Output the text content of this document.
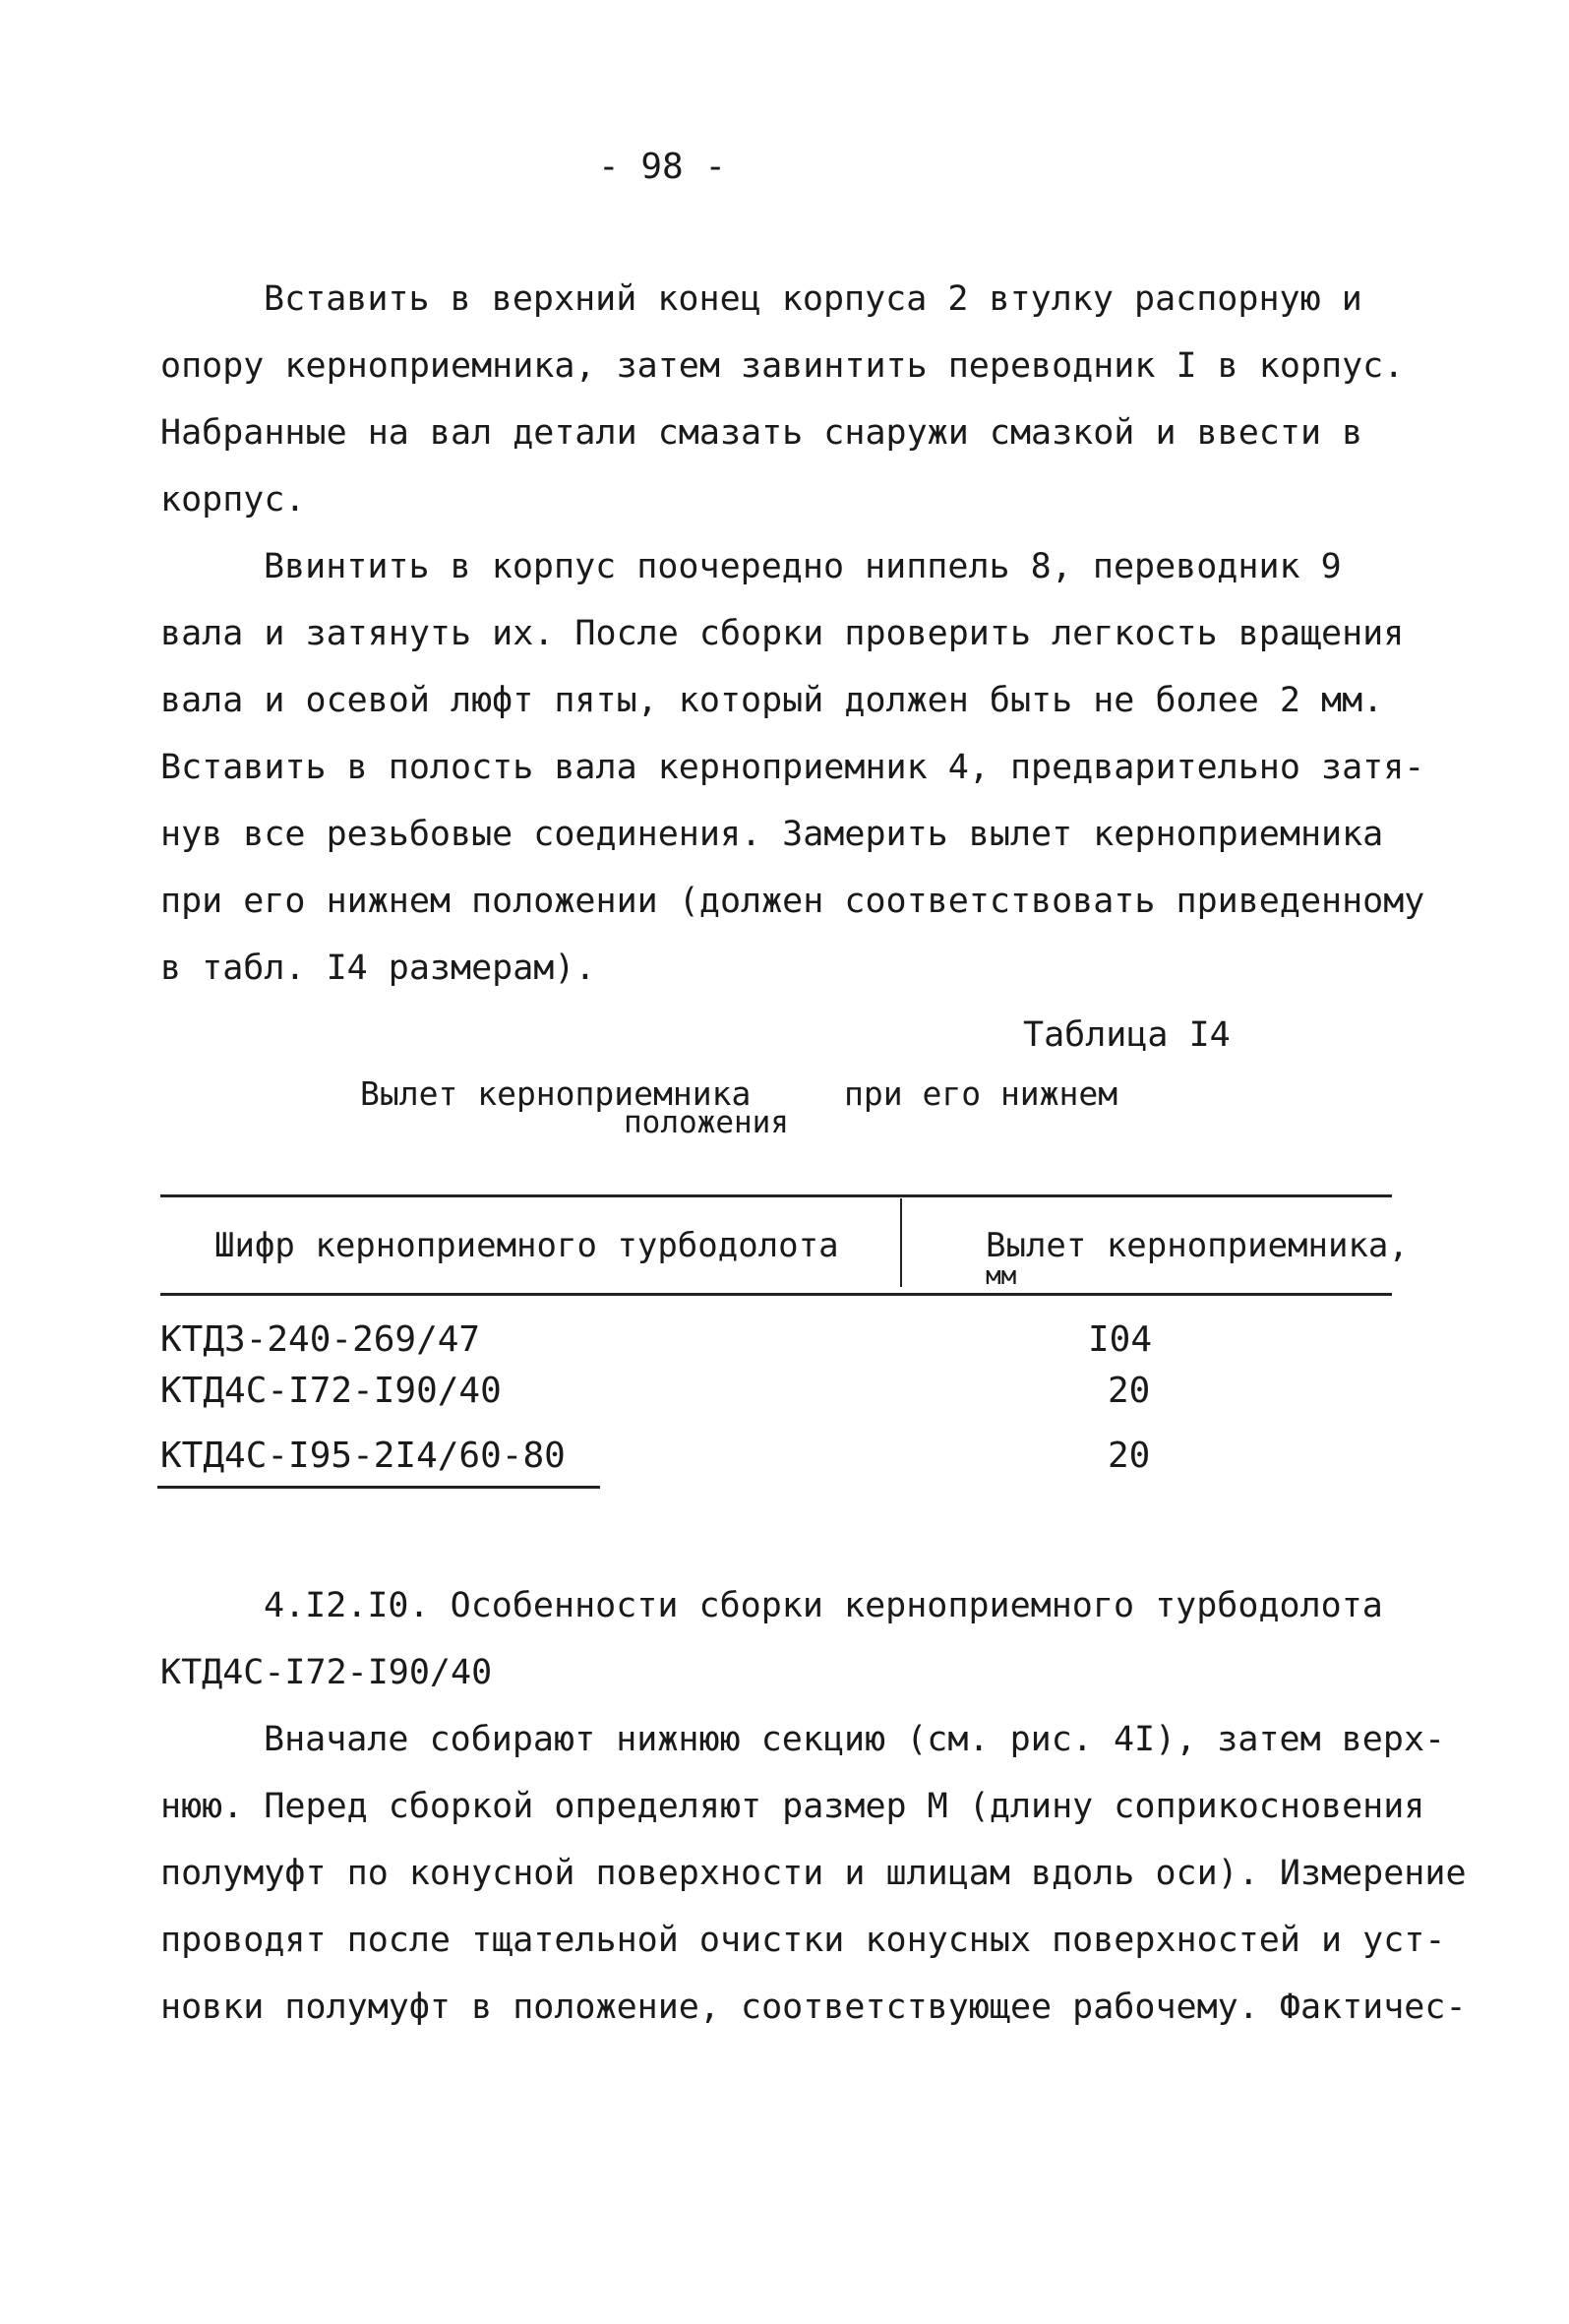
- 98 -
Вставить в верхний конец корпуса 2 втулку распорную и
опору кернoприемника, затем завинтить переводник I в корпус.
Набранные на вал детали смазать снаружи смазкой и ввести в
корпус.
Ввинтить в корпус поочередно ниппель 8, переводник 9
вала и затянуть их. После сборки проверить легкость вращения
вала и осевой люфт пяты, который должен быть не более 2 мм.
Вставить в полость вала керноприемник 4, предварительно затя-
нув все резьбовые соединения. Замерить вылет керноприемника
при его нижнем положении (должен соответствовать приведенному
в табл. I4 размерам).
Таблица I4
Вылет керноприемника	при его нижнем
положения
Шифр керноприемного турбодолота	Вылет керноприемника,
мм
КТД3-240-269/47	I04
КТД4С-I72-I90/40	20
КТД4С-I95-2I4/60-80	20
4.I2.I0. Особенности сборки керноприемного турбодолота
КТД4С-I72-I90/40
Вначале собирают нижнюю секцию (см. рис. 4I), затем верх-
нюю. Перед сборкой определяют размер М (длину соприкосновения
полумуфт по конусной поверхности и шлицам вдоль оси). Измерение
проводят после тщательной очистки конусных поверхностей и уст-
новки полумуфт в положение, соответствующее рабочему. Фактичес-
